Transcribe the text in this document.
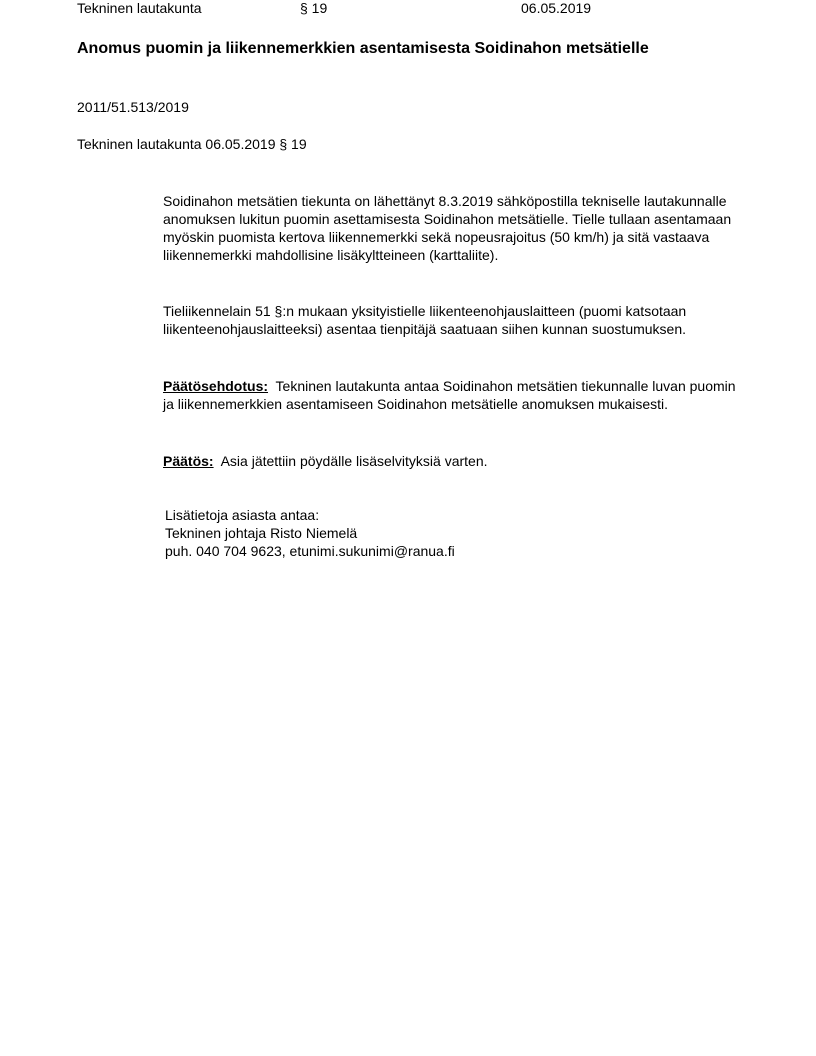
Tekninen lautakunta	§ 19	06.05.2019
Anomus puomin ja liikennemerkkien asentamisesta Soidinahon metsätielle
2011/51.513/2019
Tekninen lautakunta 06.05.2019 § 19

Soidinahon metsätien tiekunta on lähettänyt 8.3.2019 sähköpostilla tekniselle lautakunnalle anomuksen lukitun puomin asettamisesta Soidinahon metsätielle. Tielle tullaan asentamaan myöskin puomista kertova liikennemerkki sekä nopeusrajoitus (50 km/h) ja sitä vastaava liikennemerkki mahdollisine lisäkyltteineen (karttaliite).

Tieliikennelain 51 §:n mukaan yksityistielle liikenteenohjauslaitteen (puomi katsotaan liikenteenohjauslaitteeksi) asentaa tienpitäjä saatuaan siihen kunnan suostumuksen.

Päätösehdotus: Tekninen lautakunta antaa Soidinahon metsätien tiekunnalle luvan puomin ja liikennemerkkien asentamiseen Soidinahon metsätielle anomuksen mukaisesti.

Päätös: Asia jätettiin pöydälle lisäselvityksiä varten.

Lisätietoja asiasta antaa:
Tekninen johtaja Risto Niemelä
puh. 040 704 9623, etunimi.sukunimi@ranua.fi
